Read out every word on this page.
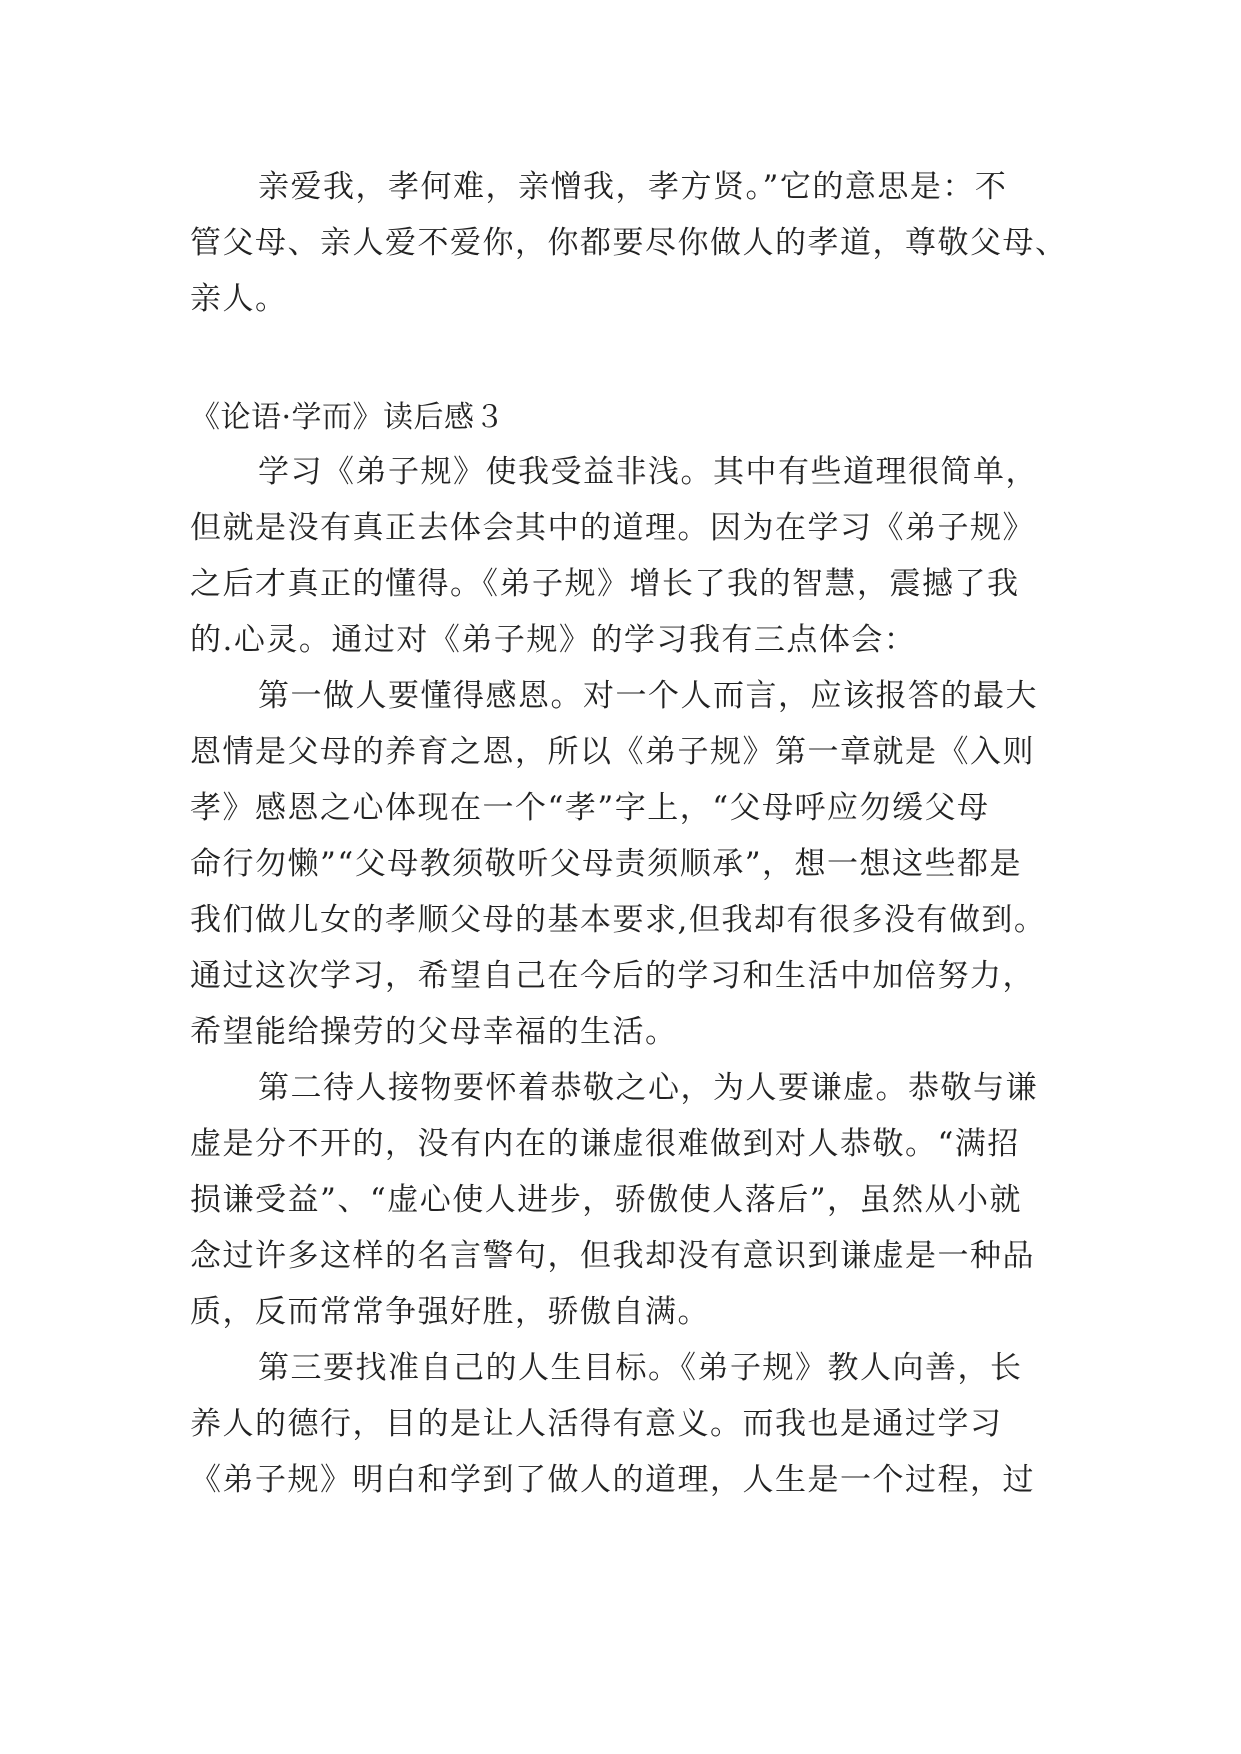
亲爱我，孝何难，亲憎我，孝方贤。”它的意思是：不
管父母、亲人爱不爱你，你都要尽你做人的孝道，尊敬父母、
亲人。
《论语·学而》读后感３
学习《弟子规》使我受益非浅。其中有些道理很简单，
但就是没有真正去体会其中的道理。因为在学习《弟子规》
之后才真正的懂得。《弟子规》增长了我的智慧，震撼了我
的.心灵。通过对《弟子规》的学习我有三点体会：
第一做人要懂得感恩。对一个人而言，应该报答的最大
恩情是父母的养育之恩，所以《弟子规》第一章就是《入则
孝》感恩之心体现在一个“孝”字上，“父母呼应勿缓父母
命行勿懒”“父母教须敬听父母责须顺承”，想一想这些都是
我们做儿女的孝顺父母的基本要求,但我却有很多没有做到。
通过这次学习，希望自己在今后的学习和生活中加倍努力，
希望能给操劳的父母幸福的生活。
第二待人接物要怀着恭敬之心，为人要谦虚。恭敬与谦
虚是分不开的，没有内在的谦虚很难做到对人恭敬。“满招
损谦受益”、“虚心使人进步，骄傲使人落后”，虽然从小就
念过许多这样的名言警句，但我却没有意识到谦虚是一种品
质，反而常常争强好胜，骄傲自满。
第三要找准自己的人生目标。《弟子规》教人向善，长
养人的德行，目的是让人活得有意义。而我也是通过学习
《弟子规》明白和学到了做人的道理，人生是一个过程，过
